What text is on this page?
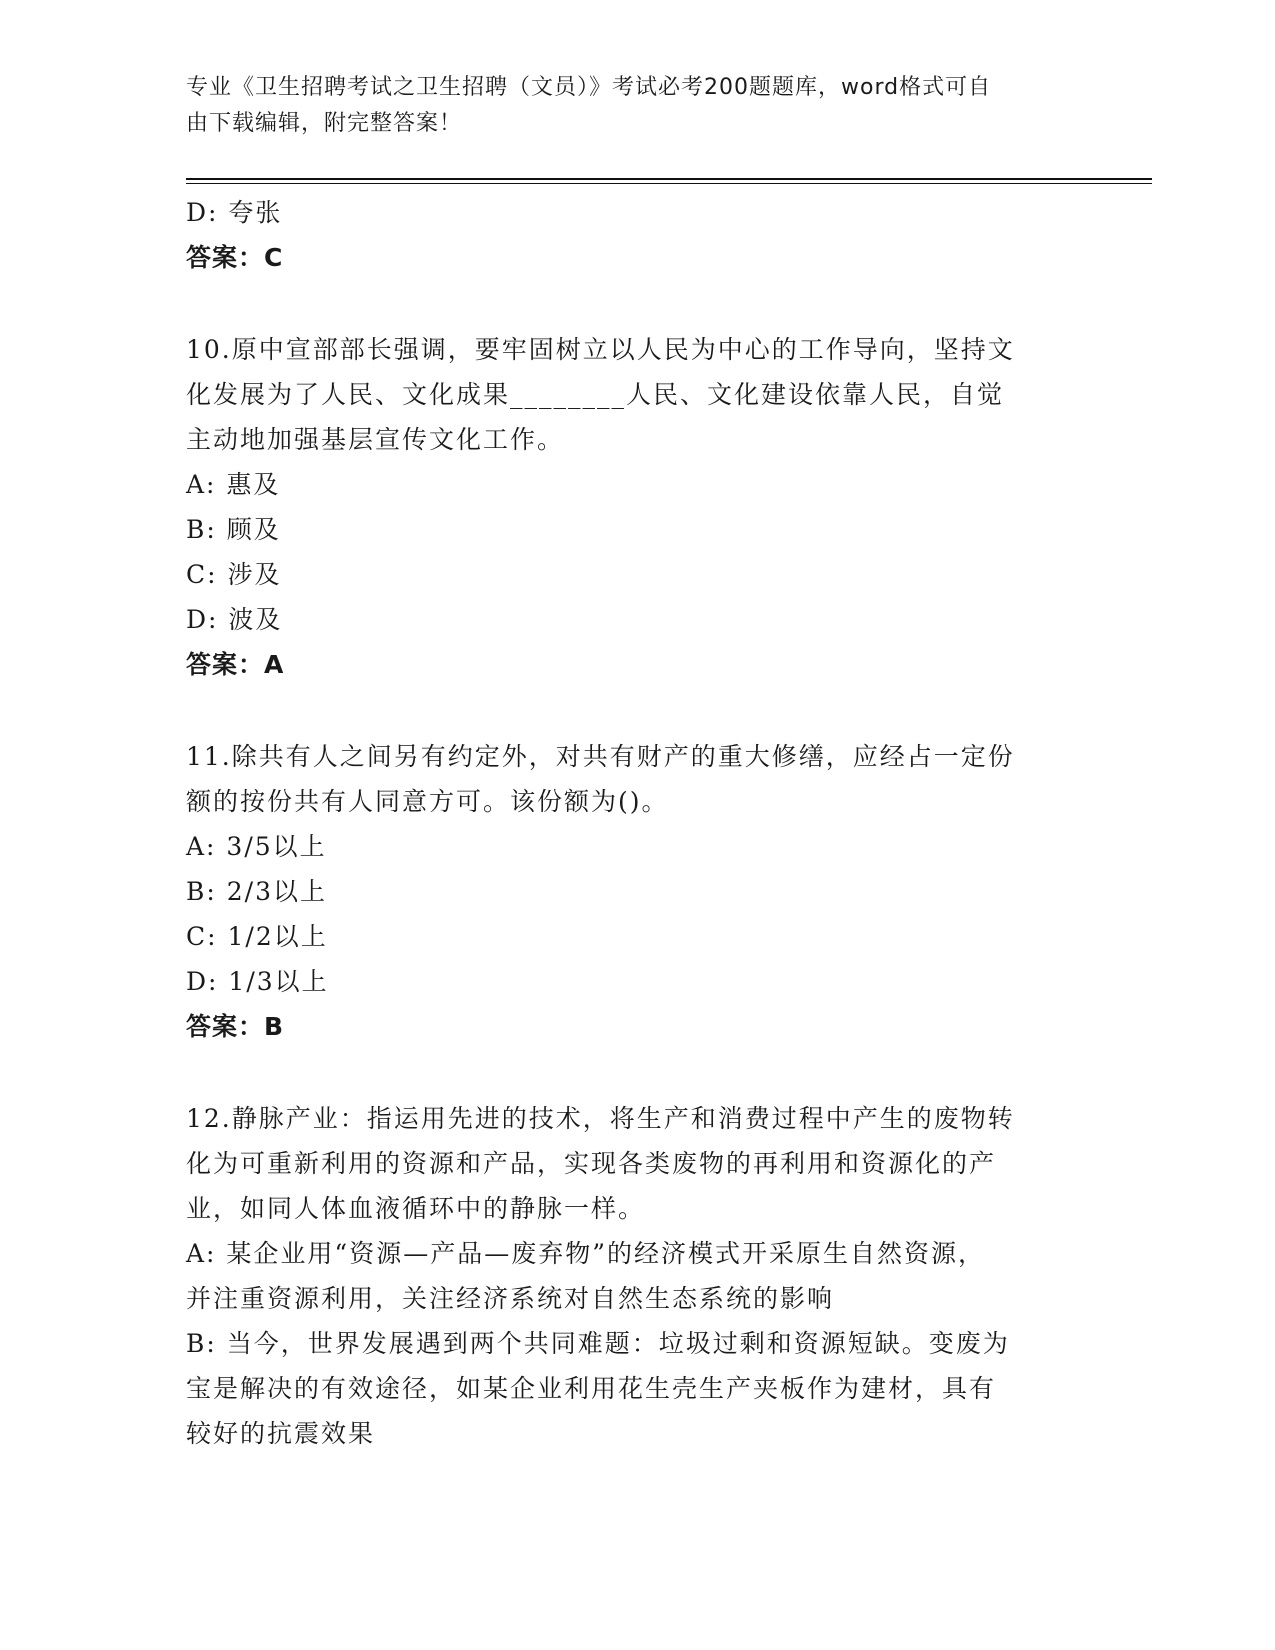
专业《卫生招聘考试之卫生招聘（文员）》考试必考200题题库，word格式可自
由下载编辑，附完整答案！
D: 夸张
答案：C
10.原中宣部部长强调，要牢固树立以人民为中心的工作导向，坚持文
化发展为了人民、文化成果________人民、文化建设依靠人民，自觉
主动地加强基层宣传文化工作。
A: 惠及
B: 顾及
C: 涉及
D: 波及
答案：A
11.除共有人之间另有约定外，对共有财产的重大修缮，应经占一定份
额的按份共有人同意方可。该份额为()。
A: 3/5以上
B: 2/3以上
C: 1/2以上
D: 1/3以上
答案：B
12.静脉产业：指运用先进的技术，将生产和消费过程中产生的废物转
化为可重新利用的资源和产品，实现各类废物的再利用和资源化的产
业，如同人体血液循环中的静脉一样。
A: 某企业用“资源—产品—废弃物”的经济模式开采原生自然资源，
并注重资源利用，关注经济系统对自然生态系统的影响
B: 当今，世界发展遇到两个共同难题：垃圾过剩和资源短缺。变废为
宝是解决的有效途径，如某企业利用花生壳生产夹板作为建材，具有
较好的抗震效果
